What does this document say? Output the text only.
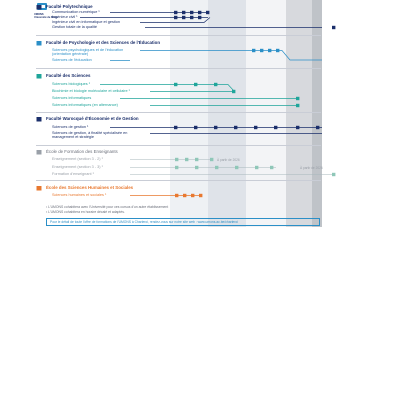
UMONS
Université de Mons
Faculté Polytechnique
Communication numérique ¹
Ingénieur civil ¹
Ingénieur civil en informatique et gestion
Gestion totale de la qualité
Faculté de Psychologie et des Sciences de l'Éducation
Sciences psychologiques et de l'éducation (orientation générale)
Sciences de l'éducation
Faculté des Sciences
Sciences biologiques ¹
Biochimie et biologie moléculaire et cellulaire ¹
Sciences informatiques
Sciences informatiques (en alternance)
Faculté Warocqué d'Économie et de Gestion
Sciences de gestion ¹
Sciences de gestion, à finalité spécialisée en management et stratégie
École de Formation des Enseignants
Enseignement (section 3 - 2) ¹
Enseignement (section 3 - 3) ¹
Formation d'enseignant ¹
À partir de 2026
À partir de 2026
École des Sciences Humaines et Sociales
Sciences humaines et sociales ¹
¹ L'UMONS cohabitera avec l'Université pour ces cursus d'un autre établissement
² L'UMONS cohabitera en horaire décalé et adaptés.
Pour le détail de toute l'offre de formations de l'UMONS à Charleroi, rendez-vous sur notre site web : www.umons.ac.be/charleroi
